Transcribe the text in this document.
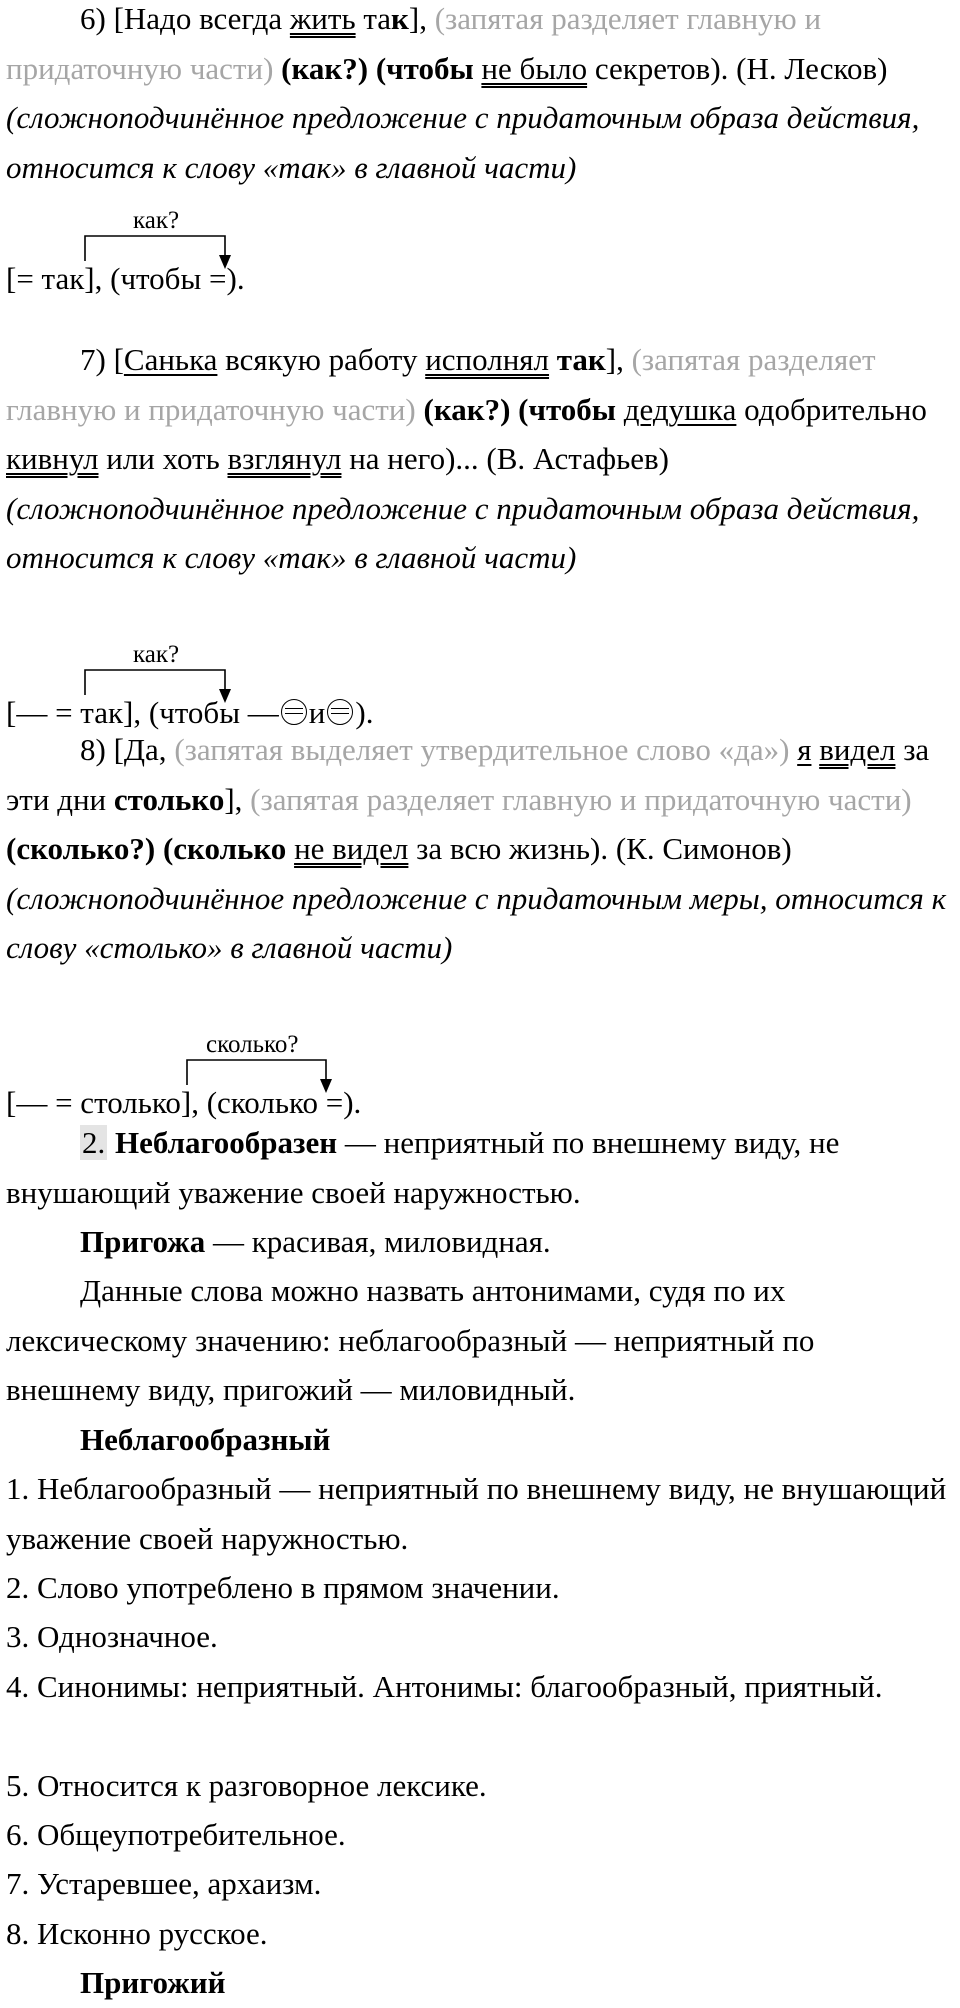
6) [Надо всегда жить так], (запятая разделяет главную и придаточную части) (как?) (чтобы не было секретов). (Н. Лесков) (сложноподчинённое предложение с придаточным образа действия, относится к слову «так» в главной части)

как?
[= так], (чтобы =).

7) [Санька всякую работу исполнял так], (запятая разделяет главную и придаточную части) (как?) (чтобы дедушка одобрительно кивнул или хоть взглянул на него)... (В. Астафьев) (сложноподчинённое предложение с придаточным образа действия, относится к слову «так» в главной части)

как?
[— = так], (чтобы — и ).

8) [Да, (запятая выделяет утвердительное слово «да») я видел за эти дни столько], (запятая разделяет главную и придаточную части) (сколько?) (сколько не видел за всю жизнь). (К. Симонов) (сложноподчинённое предложение с придаточным меры, относится к слову «столько» в главной части)

сколько?
[— = столько], (сколько =).

2. Неблагообразен — неприятный по внешнему виду, не внушающий уважение своей наружностью.

Пригожа — красивая, миловидная.

Данные слова можно назвать антонимами, судя по их лексическому значению: неблагообразный — неприятный по внешнему виду, пригожий — миловидный.

Неблагообразный

1. Неблагообразный — неприятный по внешнему виду, не внушающий уважение своей наружностью.

2. Слово употреблено в прямом значении.

3. Однозначное.

4. Синонимы: неприятный. Антонимы: благообразный, приятный.

5. Относится к разговорное лексике.

6. Общеупотребительное.

7. Устаревшее, архаизм.

8. Исконно русское.

Пригожий
